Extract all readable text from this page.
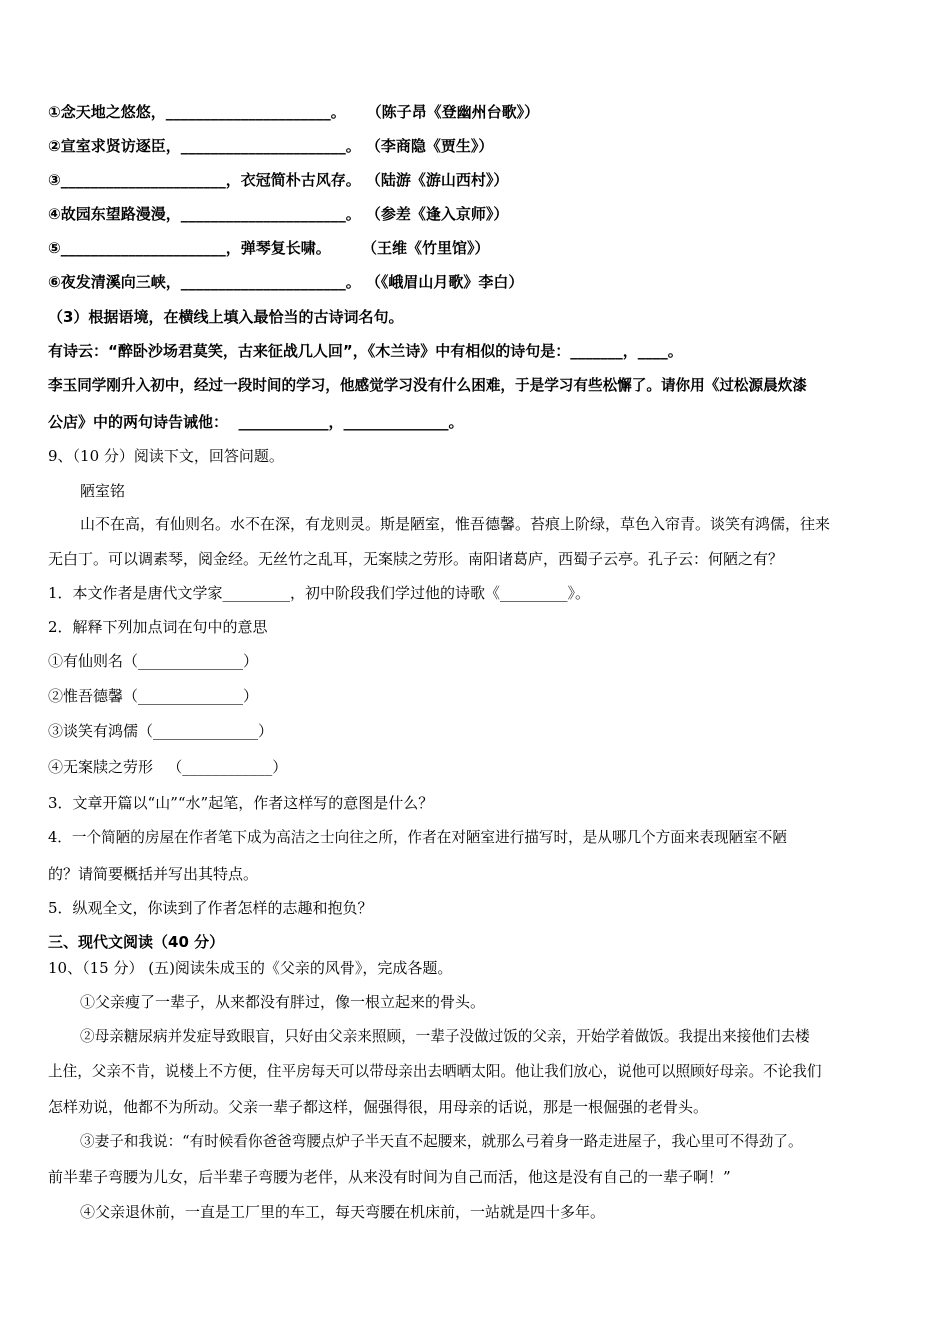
①念天地之悠悠，______________________。    （陈子昂《登幽州台歌》）
②宣室求贤访逐臣，______________________。 （李商隐《贾生》）
③______________________，衣冠简朴古风存。 （陆游《游山西村》）
④故园东望路漫漫，______________________。 （参差《逢入京师》）
⑤______________________，弹琴复长啸。      （王维《竹里馆》）
⑥夜发清溪向三峡，______________________。 （《峨眉山月歌》李白）
（3）根据语境，在横线上填入最恰当的古诗词名句。
有诗云：“醉卧沙场君莫笑，古来征战几人回”，《木兰诗》中有相似的诗句是：_______，____。
李玉同学刚升入初中，经过一段时间的学习，他感觉学习没有什么困难，于是学习有些松懈了。请你用《过松源晨炊漆
公店》中的两句诗告诫他：  ____________，______________。
9、（10 分）阅读下文，回答问题。
陋室铭
山不在高，有仙则名。水不在深，有龙则灵。斯是陋室，惟吾德馨。苔痕上阶绿，草色入帘青。谈笑有鸿儒，往来
无白丁。可以调素琴，阅金经。无丝竹之乱耳，无案牍之劳形。南阳诸葛庐，西蜀子云亭。孔子云：何陋之有？
1．本文作者是唐代文学家_________，初中阶段我们学过他的诗歌《_________》。
2．解释下列加点词在句中的意思
①有仙则名（______________）
②惟吾德馨（______________）
③谈笑有鸿儒（______________）
④无案牍之劳形   （____________）
3．文章开篇以“山”“水”起笔，作者这样写的意图是什么？
4．一个简陋的房屋在作者笔下成为高洁之士向往之所，作者在对陋室进行描写时，是从哪几个方面来表现陋室不陋
的？请简要概括并写出其特点。
5．纵观全文，你读到了作者怎样的志趣和抱负？
三、现代文阅读（40 分）
10、（15 分） (五)阅读朱成玉的《父亲的风骨》，完成各题。
①父亲瘦了一辈子，从来都没有胖过，像一根立起来的骨头。
②母亲糖尿病并发症导致眼盲，只好由父亲来照顾，一辈子没做过饭的父亲，开始学着做饭。我提出来接他们去楼
上住，父亲不肯，说楼上不方便，住平房每天可以带母亲出去晒晒太阳。他让我们放心，说他可以照顾好母亲。不论我们
怎样劝说，他都不为所动。父亲一辈子都这样，倔强得很，用母亲的话说，那是一根倔强的老骨头。
③妻子和我说：“有时候看你爸爸弯腰点炉子半天直不起腰来，就那么弓着身一路走进屋子，我心里可不得劲了。
前半辈子弯腰为儿女，后半辈子弯腰为老伴，从来没有时间为自己而活，他这是没有自己的一辈子啊！”
④父亲退休前，一直是工厂里的车工，每天弯腰在机床前，一站就是四十多年。
